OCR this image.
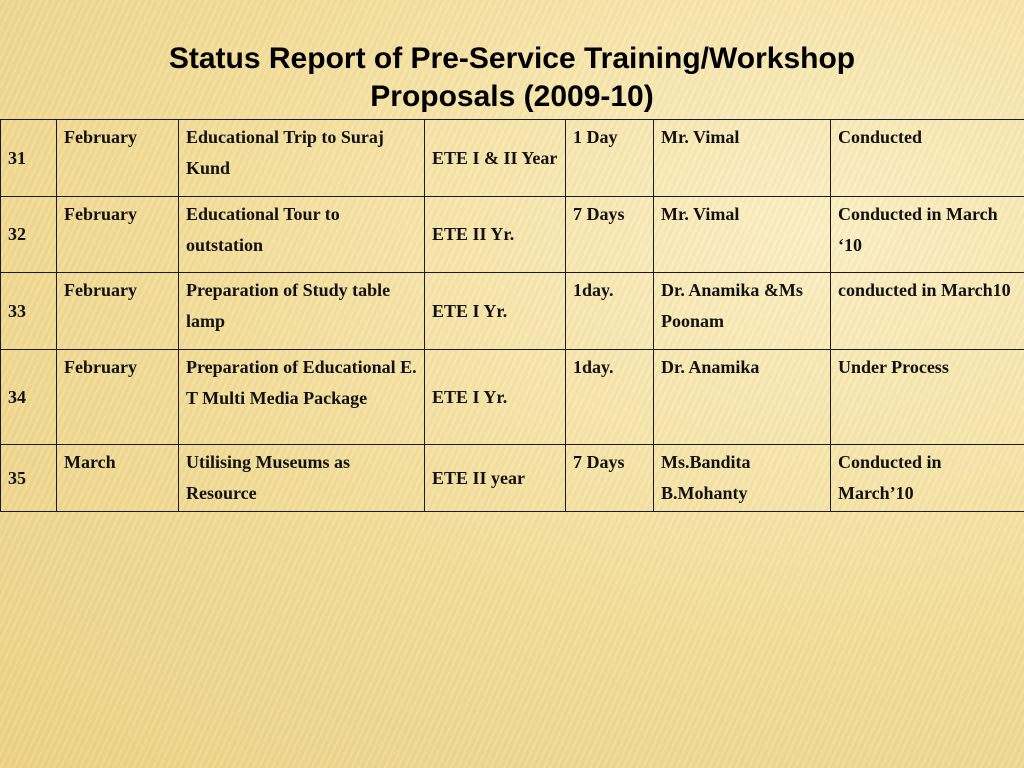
Status Report of Pre-Service Training/Workshop
Proposals (2009-10)
31	February	Educational Trip to Suraj Kund	ETE I & II Year	1 Day	Mr. Vimal	Conducted
32	February	Educational Tour to outstation	ETE II Yr.	7 Days	Mr. Vimal	Conducted in March ‘10
33	February	Preparation of Study table lamp	ETE I Yr.	1day.	Dr. Anamika &Ms Poonam	conducted in March10
34	February	Preparation of Educational E. T Multi Media Package	ETE I Yr.	1day.	Dr. Anamika	Under Process
35	March	Utilising Museums as Resource	ETE II year	7 Days	Ms.Bandita B.Mohanty	Conducted in March’10
